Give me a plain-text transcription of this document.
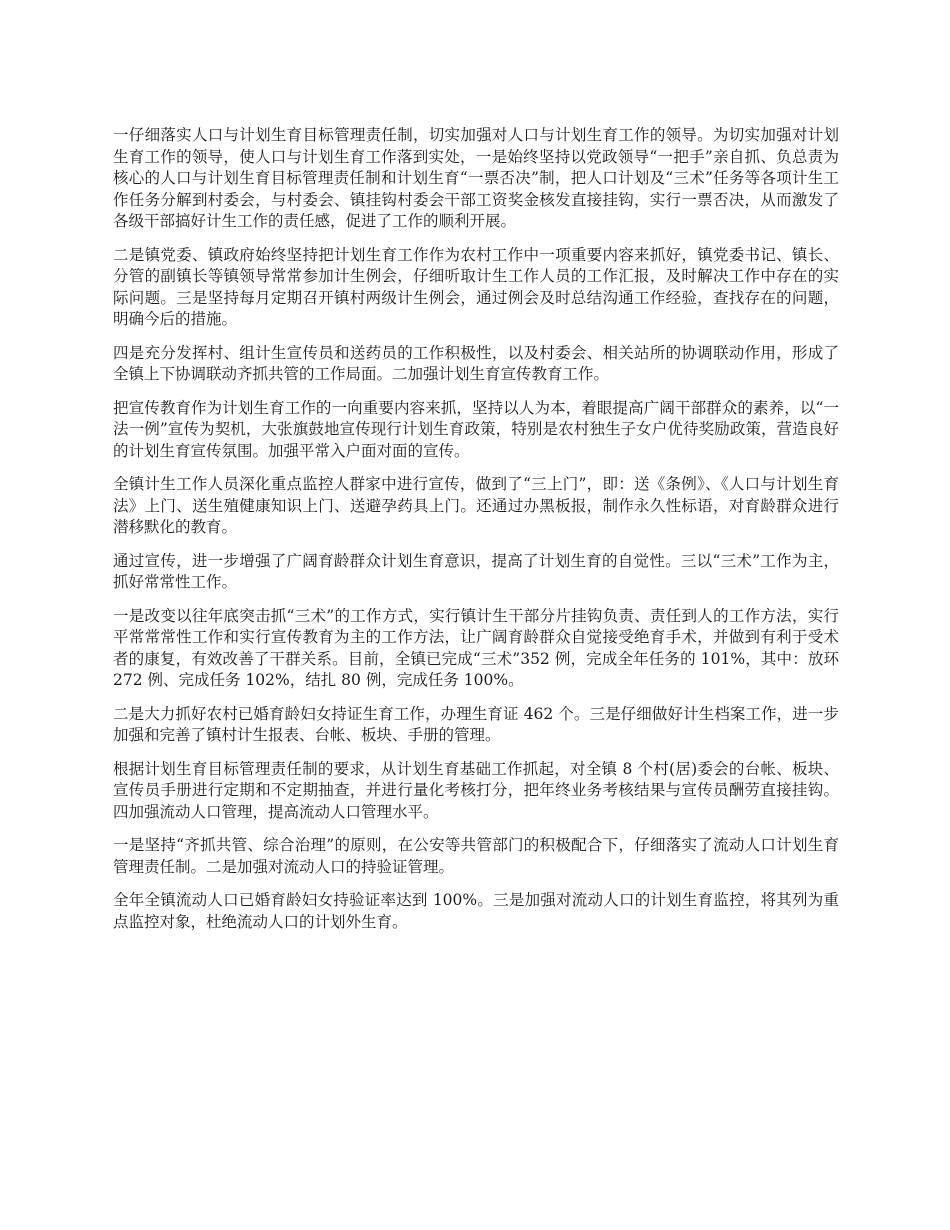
一仔细落实人口与计划生育目标管理责任制，切实加强对人口与计划生育工作的领导。为切实加强对计划生育工作的领导，使人口与计划生育工作落到实处，一是始终坚持以党政领导“一把手”亲自抓、负总责为核心的人口与计划生育目标管理责任制和计划生育“一票否决”制，把人口计划及“三术”任务等各项计生工作任务分解到村委会，与村委会、镇挂钩村委会干部工资奖金核发直接挂钩，实行一票否决，从而激发了各级干部搞好计生工作的责任感，促进了工作的顺利开展。

二是镇党委、镇政府始终坚持把计划生育工作作为农村工作中一项重要内容来抓好，镇党委书记、镇长、分管的副镇长等镇领导常常参加计生例会，仔细听取计生工作人员的工作汇报，及时解决工作中存在的实际问题。三是坚持每月定期召开镇村两级计生例会，通过例会及时总结沟通工作经验，查找存在的问题，明确今后的措施。

四是充分发挥村、组计生宣传员和送药员的工作积极性，以及村委会、相关站所的协调联动作用，形成了全镇上下协调联动齐抓共管的工作局面。二加强计划生育宣传教育工作。

把宣传教育作为计划生育工作的一向重要内容来抓，坚持以人为本，着眼提高广阔干部群众的素养，以“一法一例”宣传为契机，大张旗鼓地宣传现行计划生育政策，特别是农村独生子女户优待奖励政策，营造良好的计划生育宣传氛围。加强平常入户面对面的宣传。

全镇计生工作人员深化重点监控人群家中进行宣传，做到了“三上门”，即：送《条例》、《人口与计划生育法》上门、送生殖健康知识上门、送避孕药具上门。还通过办黑板报，制作永久性标语，对育龄群众进行潜移默化的教育。

通过宣传，进一步增强了广阔育龄群众计划生育意识，提高了计划生育的自觉性。三以“三术”工作为主，抓好常常性工作。

一是改变以往年底突击抓“三术”的工作方式，实行镇计生干部分片挂钩负责、责任到人的工作方法，实行平常常常性工作和实行宣传教育为主的工作方法，让广阔育龄群众自觉接受绝育手术，并做到有利于受术者的康复，有效改善了干群关系。目前，全镇已完成“三术”352 例，完成全年任务的 101%，其中：放环 272 例、完成任务 102%，结扎 80 例，完成任务 100%。

二是大力抓好农村已婚育龄妇女持证生育工作，办理生育证 462 个。三是仔细做好计生档案工作，进一步加强和完善了镇村计生报表、台帐、板块、手册的管理。

根据计划生育目标管理责任制的要求，从计划生育基础工作抓起，对全镇 8 个村(居)委会的台帐、板块、宣传员手册进行定期和不定期抽查，并进行量化考核打分，把年终业务考核结果与宣传员酬劳直接挂钩。四加强流动人口管理，提高流动人口管理水平。

一是坚持“齐抓共管、综合治理”的原则，在公安等共管部门的积极配合下，仔细落实了流动人口计划生育管理责任制。二是加强对流动人口的持验证管理。

全年全镇流动人口已婚育龄妇女持验证率达到 100%。三是加强对流动人口的计划生育监控，将其列为重点监控对象，杜绝流动人口的计划外生育。
